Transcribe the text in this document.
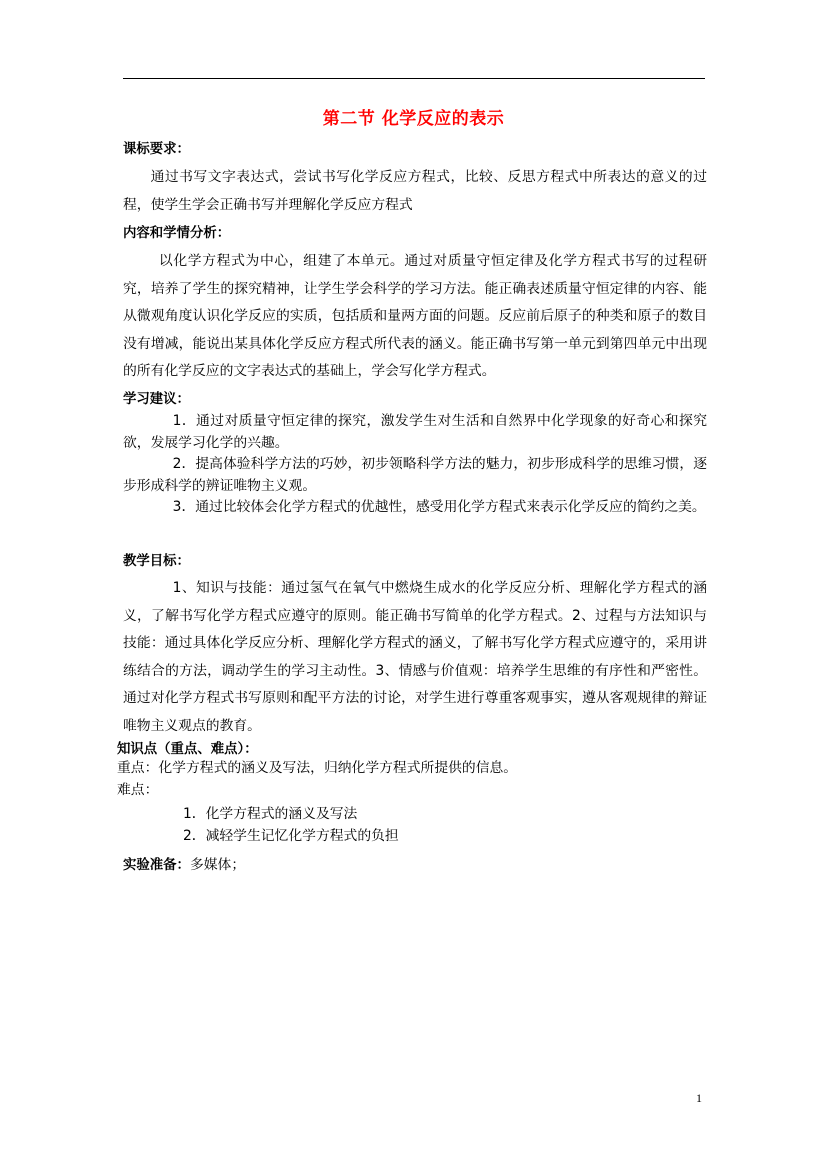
第二节 化学反应的表示
课标要求：
通过书写文字表达式，尝试书写化学反应方程式，比较、反思方程式中所表达的意义的过程，使学生学会正确书写并理解化学反应方程式
内容和学情分析：
以化学方程式为中心，组建了本单元。通过对质量守恒定律及化学方程式书写的过程研究，培养了学生的探究精神，让学生学会科学的学习方法。能正确表述质量守恒定律的内容、能从微观角度认识化学反应的实质，包括质和量两方面的问题。反应前后原子的种类和原子的数目没有增减，能说出某具体化学反应方程式所代表的涵义。能正确书写第一单元到第四单元中出现的所有化学反应的文字表达式的基础上，学会写化学方程式。
学习建议：
1．通过对质量守恒定律的探究，激发学生对生活和自然界中化学现象的好奇心和探究欲，发展学习化学的兴趣。
2．提高体验科学方法的巧妙，初步领略科学方法的魅力，初步形成科学的思维习惯，逐步形成科学的辨证唯物主义观。
3．通过比较体会化学方程式的优越性，感受用化学方程式来表示化学反应的简约之美。
教学目标：
1、知识与技能：通过氢气在氧气中燃烧生成水的化学反应分析、理解化学方程式的涵义，了解书写化学方程式应遵守的原则。能正确书写简单的化学方程式。2、过程与方法知识与技能：通过具体化学反应分析、理解化学方程式的涵义，了解书写化学方程式应遵守的，采用讲练结合的方法，调动学生的学习主动性。3、情感与价值观：培养学生思维的有序性和严密性。通过对化学方程式书写原则和配平方法的讨论，对学生进行尊重客观事实，遵从客观规律的辩证唯物主义观点的教育。
知识点（重点、难点）：
重点：化学方程式的涵义及写法，归纳化学方程式所提供的信息。
难点：
1．化学方程式的涵义及写法
2．减轻学生记忆化学方程式的负担
实验准备：多媒体；
1
